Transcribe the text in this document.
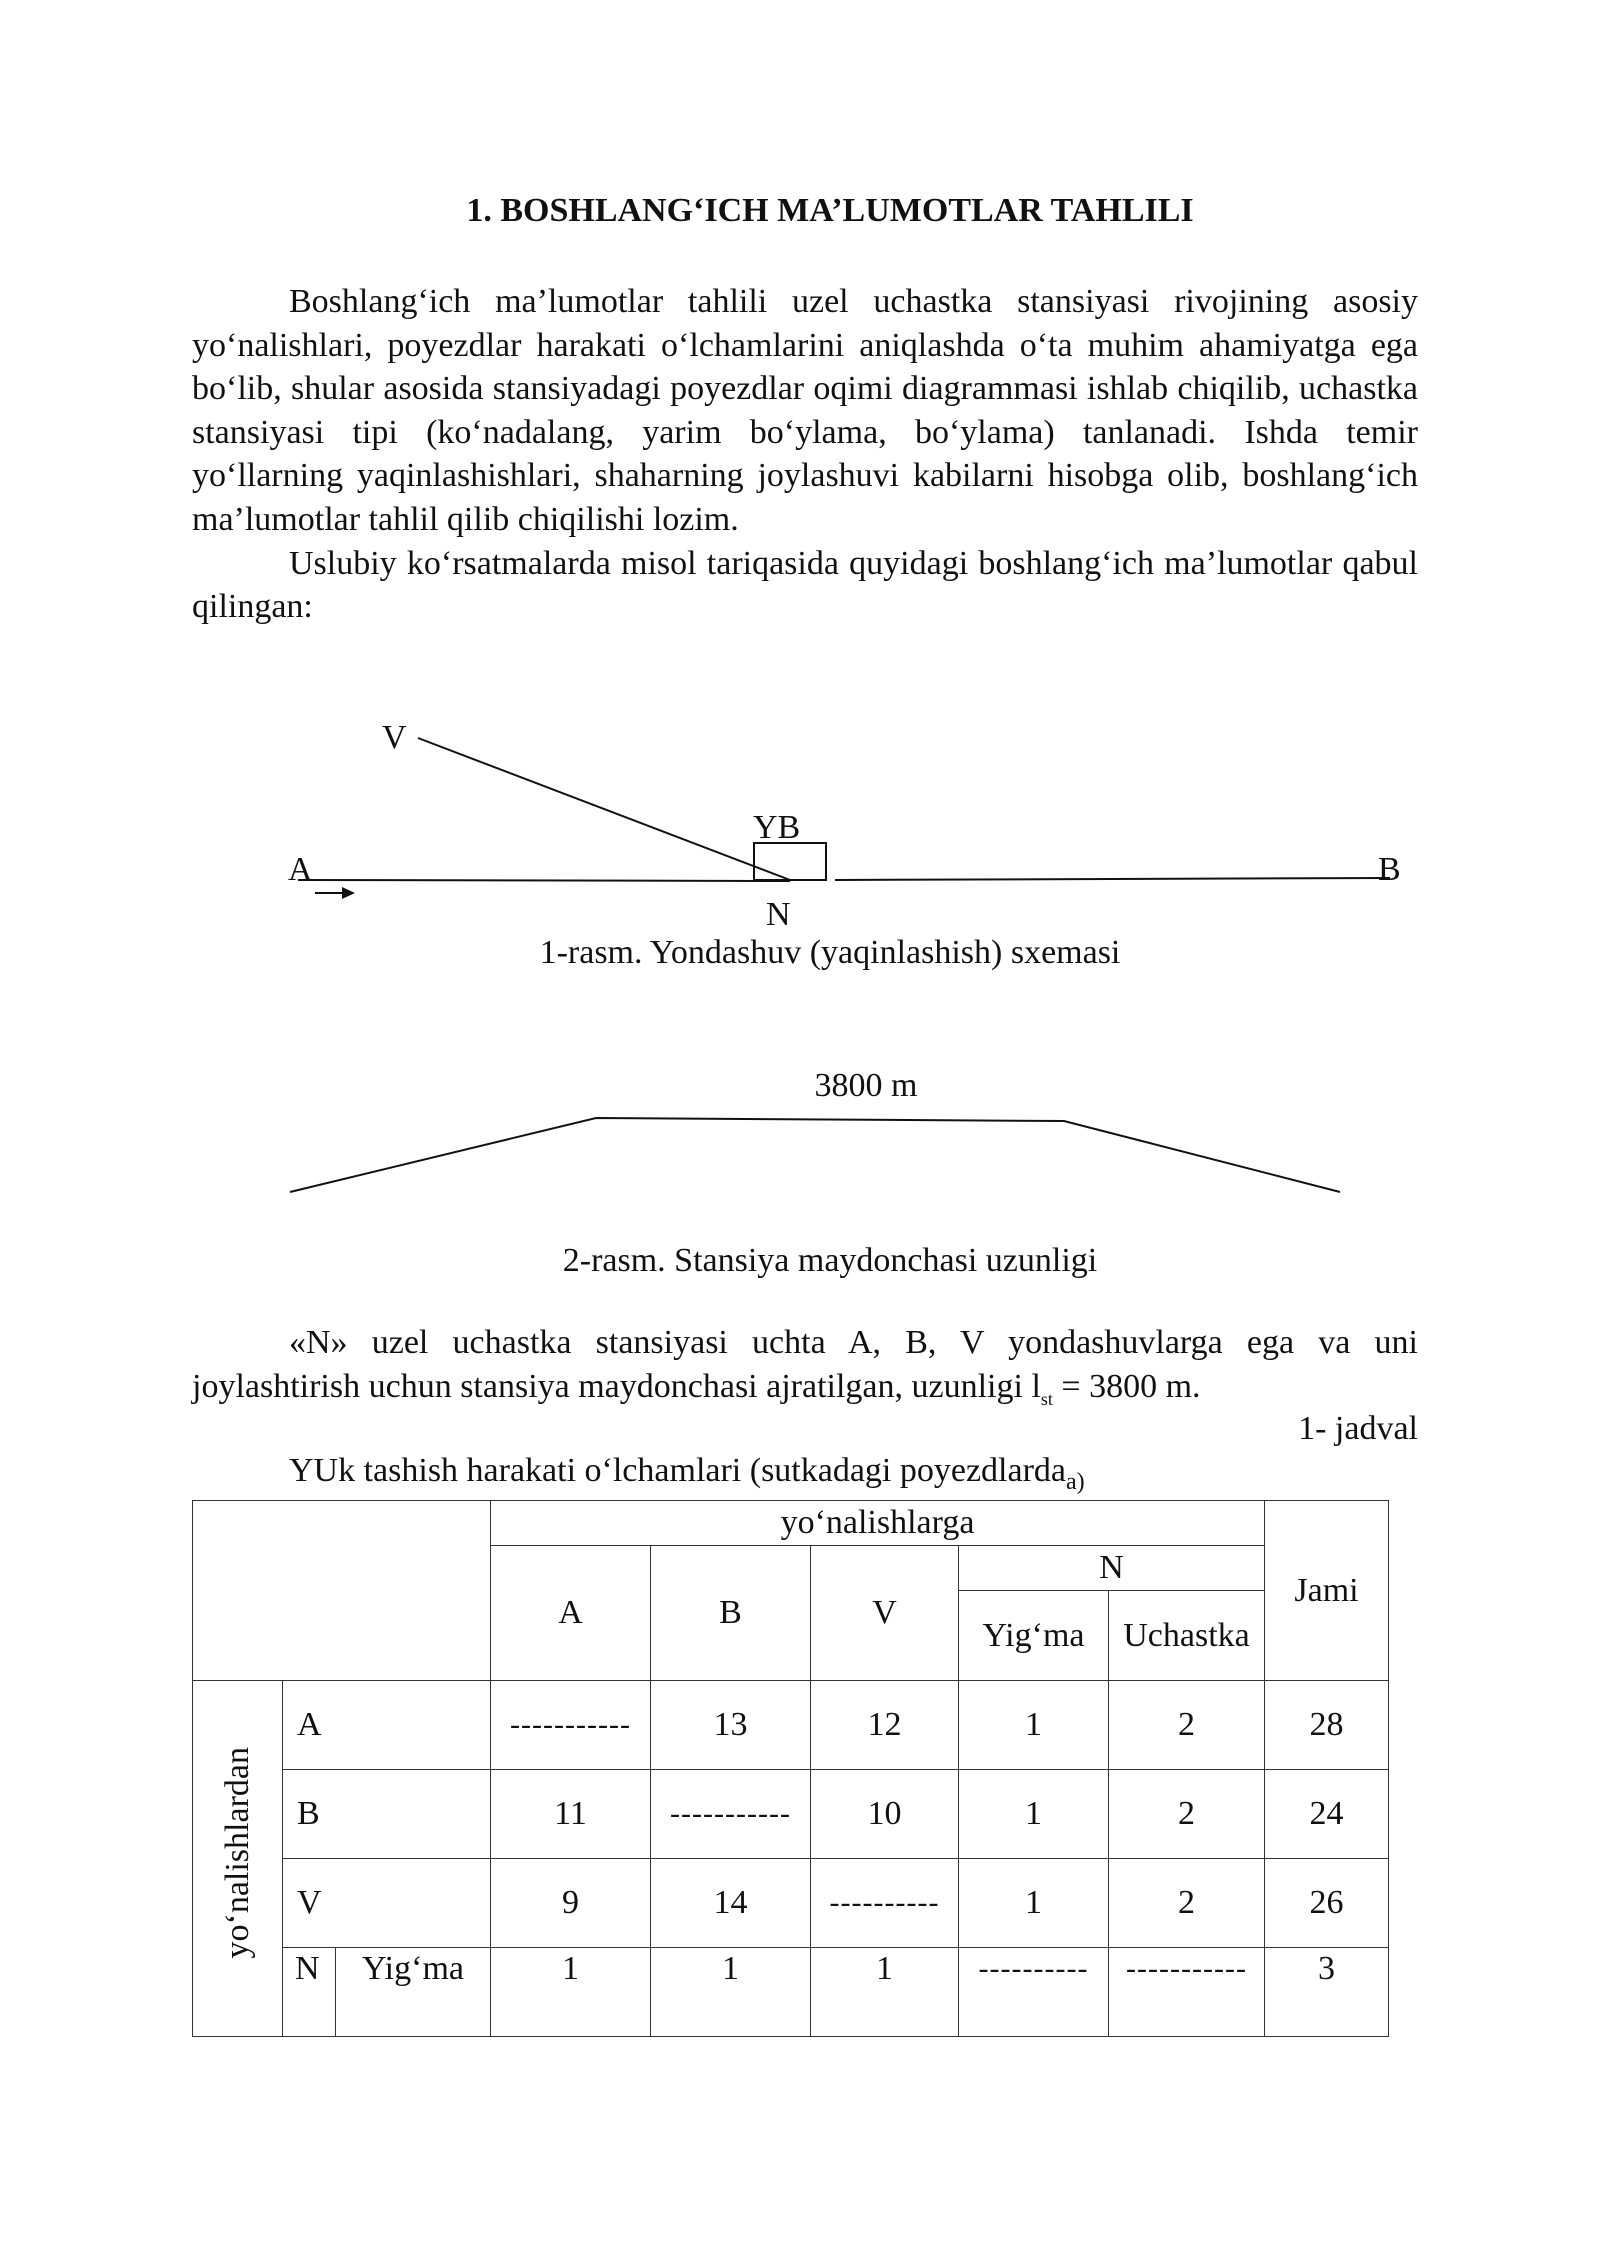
1. BOSHLANG‘ICH MA’LUMOTLAR TAHLILI
Boshlang‘ich ma’lumotlar tahlili uzel uchastka stansiyasi rivojining asosiy yo‘nalishlari, poyezdlar harakati o‘lchamlarini aniqlashda o‘ta muhim ahamiyatga ega bo‘lib, shular asosida stansiyadagi poyezdlar oqimi diagrammasi ishlab chiqilib, uchastka stansiyasi tipi (ko‘nadalang, yarim bo‘ylama, bo‘ylama) tanlanadi. Ishda temir yo‘llarning yaqinlashishlari, shaharning joylashuvi kabilarni hisobga olib, boshlang‘ich ma’lumotlar tahlil qilib chiqilishi lozim.
Uslubiy ko‘rsatmalarda misol tariqasida quyidagi boshlang‘ich ma’lumotlar qabul qilingan:
V
YB
A	B
N
1-rasm. Yondashuv (yaqinlashish) sxemasi
3800 m
2-rasm. Stansiya maydonchasi uzunligi
«N» uzel uchastka stansiyasi uchta A, B, V yondashuvlarga ega va uni joylashtirish uchun stansiya maydonchasi ajratilgan, uzunligi $l_{st} = 3800$ m.
1- jadval
YUk tashish harakati o‘lchamlari (sutkadagi poyezdlarda$_{a)}$
			yo‘nalishlarga					Jami
			A	B	V	N		
						Yig‘ma	Uchastka	
yo‘nalishlardan	A		-----------	13	12	1	2	28
	B		11	-----------	10	1	2	24
	V		9	14	----------	1	2	26
	N	Yig‘ma	1	1	1	----------	-----------	3
